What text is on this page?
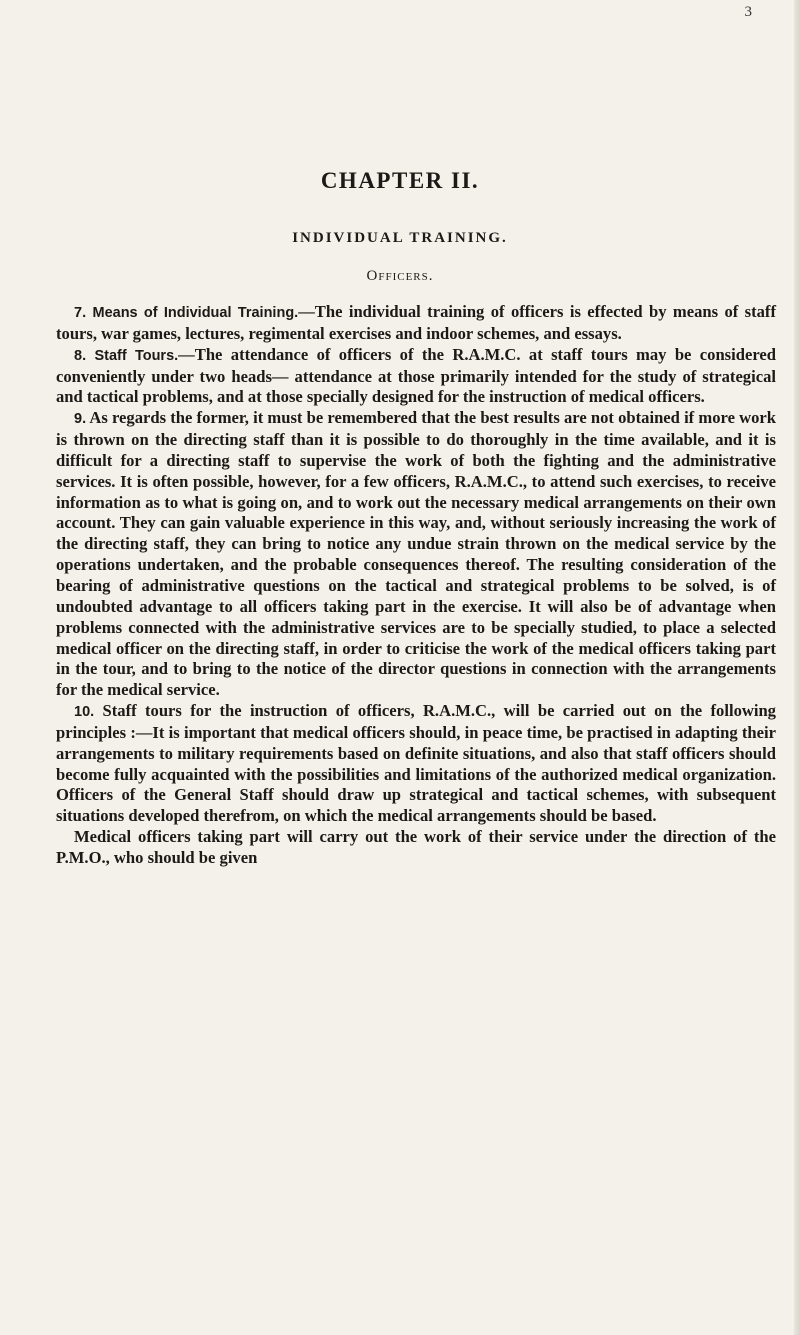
3
CHAPTER II.
INDIVIDUAL TRAINING.
Officers.

7. Means of Individual Training.—The individual training of officers is effected by means of staff tours, war games, lectures, regimental exercises and indoor schemes, and essays.

8. Staff Tours.—The attendance of officers of the R.A.M.C. at staff tours may be considered conveniently under two heads— attendance at those primarily intended for the study of strategical and tactical problems, and at those specially designed for the instruction of medical officers.

9. As regards the former, it must be remembered that the best results are not obtained if more work is thrown on the directing staff than it is possible to do thoroughly in the time available, and it is difficult for a directing staff to supervise the work of both the fighting and the administrative services. It is often possible, however, for a few officers, R.A.M.C., to attend such exercises, to receive information as to what is going on, and to work out the necessary medical arrangements on their own account. They can gain valuable experience in this way, and, without seriously increasing the work of the directing staff, they can bring to notice any undue strain thrown on the medical service by the operations undertaken, and the probable consequences thereof. The resulting consideration of the bearing of administrative questions on the tactical and strategical problems to be solved, is of undoubted advantage to all officers taking part in the exercise. It will also be of advantage when problems connected with the administrative services are to be specially studied, to place a selected medical officer on the directing staff, in order to criticise the work of the medical officers taking part in the tour, and to bring to the notice of the director questions in connection with the arrangements for the medical service.

10. Staff tours for the instruction of officers, R.A.M.C., will be carried out on the following principles :—It is important that medical officers should, in peace time, be practised in adapting their arrangements to military requirements based on definite situations, and also that staff officers should become fully acquainted with the possibilities and limitations of the authorized medical organization. Officers of the General Staff should draw up strategical and tactical schemes, with subsequent situations developed therefrom, on which the medical arrangements should be based.

Medical officers taking part will carry out the work of their service under the direction of the P.M.O., who should be given
